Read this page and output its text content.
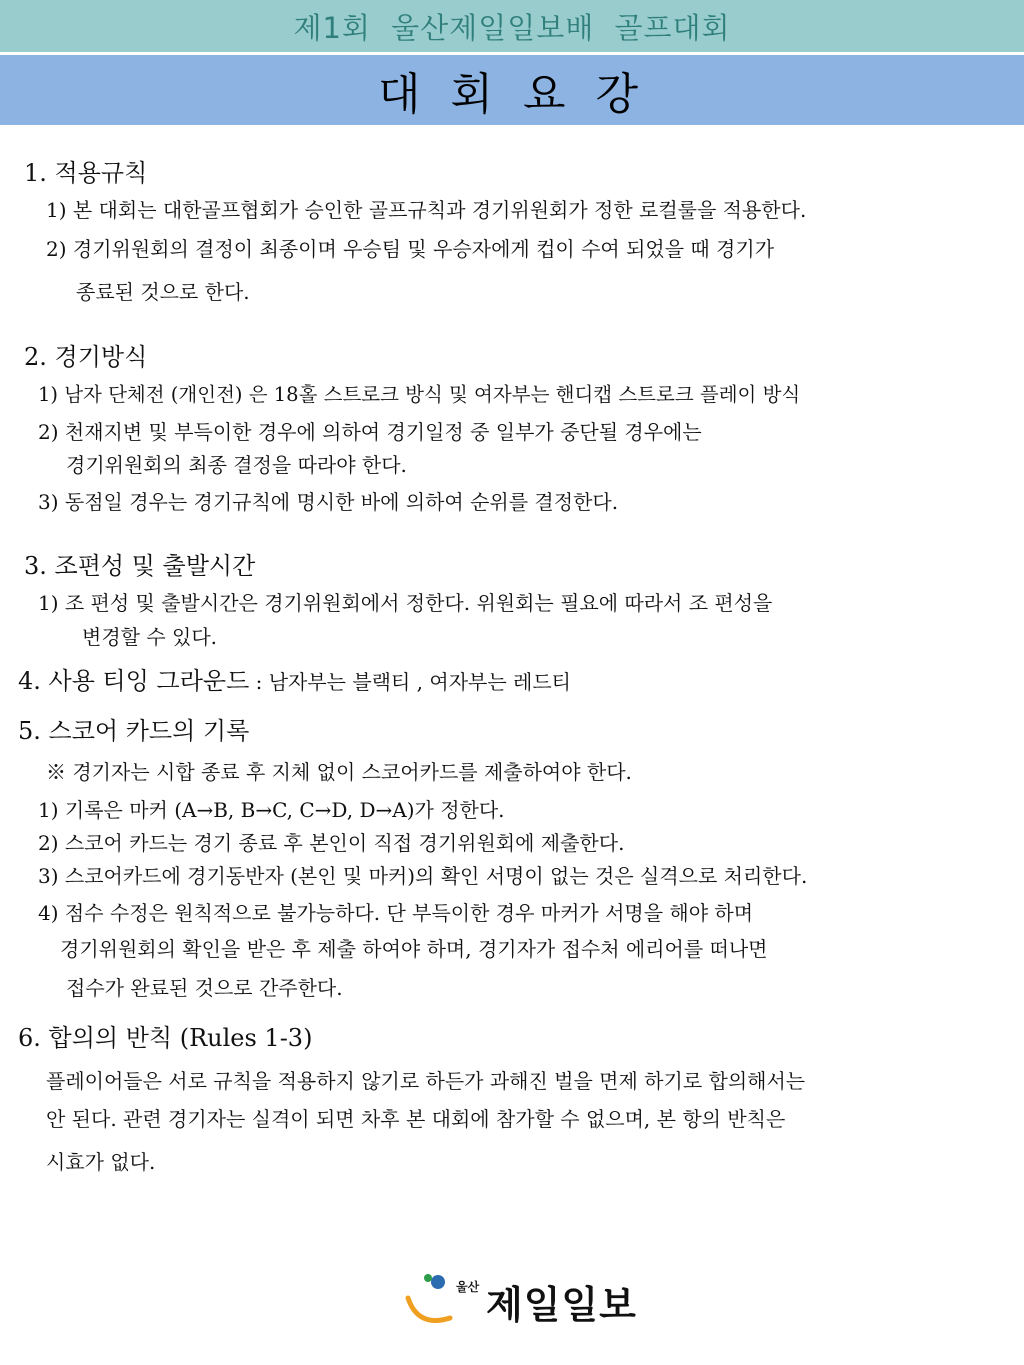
제1회 울산제일일보배 골프대회
대 회 요 강
1. 적용규칙
1) 본 대회는 대한골프협회가 승인한 골프규칙과 경기위원회가 정한 로컬룰을 적용한다.
2) 경기위원회의 결정이 최종이며 우승팀 및 우승자에게 컵이 수여 되었을 때 경기가
종료된 것으로 한다.
2. 경기방식
1) 남자 단체전 (개인전) 은 18홀 스트로크 방식 및 여자부는 핸디캡 스트로크 플레이 방식
2) 천재지변 및 부득이한 경우에 의하여 경기일정 중 일부가 중단될 경우에는
경기위원회의 최종 결정을 따라야 한다.
3) 동점일 경우는 경기규칙에 명시한 바에 의하여 순위를 결정한다.
3. 조편성 및 출발시간
1) 조 편성 및 출발시간은 경기위원회에서 정한다. 위원회는 필요에 따라서 조 편성을
변경할 수 있다.
4. 사용 티잉 그라운드 : 남자부는 블랙티 , 여자부는 레드티
5. 스코어 카드의 기록
※ 경기자는 시합 종료 후 지체 없이 스코어카드를 제출하여야 한다.
1) 기록은 마커 (A→B, B→C, C→D, D→A)가 정한다.
2) 스코어 카드는 경기 종료 후 본인이 직접 경기위원회에 제출한다.
3) 스코어카드에 경기동반자 (본인 및 마커)의 확인 서명이 없는 것은 실격으로 처리한다.
4) 점수 수정은 원칙적으로 불가능하다. 단 부득이한 경우 마커가 서명을 해야 하며
경기위원회의 확인을 받은 후 제출 하여야 하며, 경기자가 접수처 에리어를 떠나면
접수가 완료된 것으로 간주한다.
6. 합의의 반칙 (Rules 1-3)
플레이어들은 서로 규칙을 적용하지 않기로 하든가 과해진 벌을 면제 하기로 합의해서는
안 된다. 관련 경기자는 실격이 되면 차후 본 대회에 참가할 수 없으며, 본 항의 반칙은
시효가 없다.
울산 제일일보
